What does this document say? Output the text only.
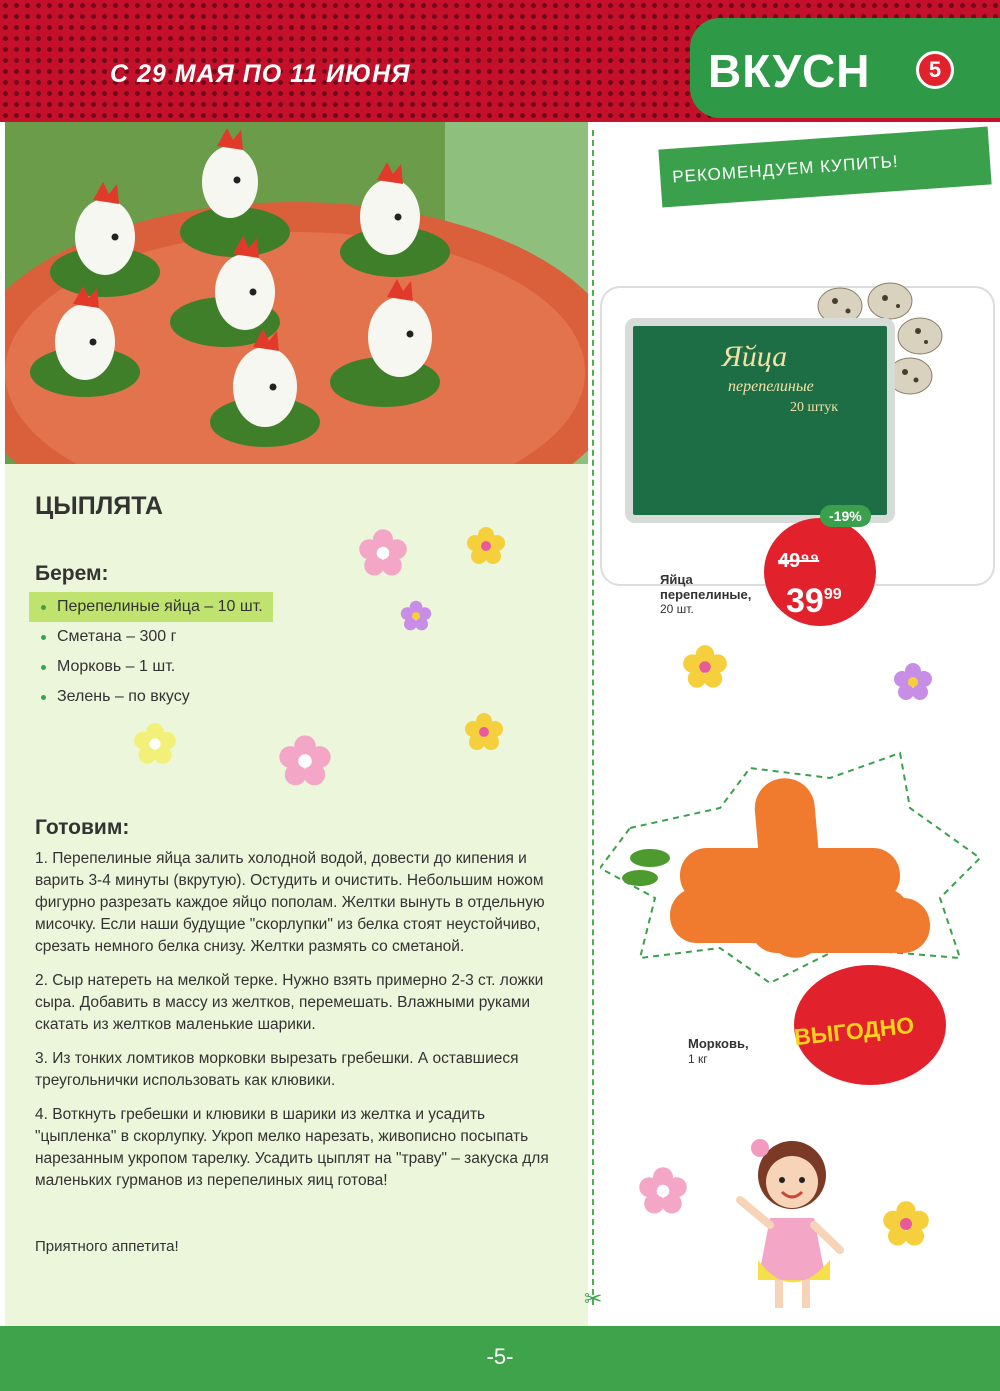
С 29 МАЯ ПО 11 ИЮНЯ	ВКУСН	5
ЦЫПЛЯТА
Берем:
Перепелиные яйца – 10 шт.
Сметана – 300 г
Морковь – 1 шт.
Зелень – по вкусу
Готовим:

1. Перепелиные яйца залить холодной водой, довести до кипения и варить 3-4 минуты (вкрутую). Остудить и очистить. Небольшим ножом фигурно разрезать каждое яйцо пополам. Желтки вынуть в отдельную мисочку. Если наши будущие "скорлупки" из белка стоят неустойчиво, срезать немного белка снизу. Желтки размять со сметаной.

2. Сыр натереть на мелкой терке. Нужно взять примерно 2-3 ст. ложки сыра. Добавить в массу из желтков, перемешать. Влажными руками скатать из желтков маленькие шарики.

3. Из тонких ломтиков морковки вырезать гребешки. А оставшиеся треугольнички использовать как клювики.

4. Воткнуть гребешки и клювики в шарики из желтка и усадить "цыпленка" в скорлупку. Укроп мелко нарезать, живописно посыпать нарезанным укропом тарелку. Усадить цыплят на "траву" – закуска для маленьких гурманов из перепелиных яиц готова!

Приятного аппетита!
✂
РЕКОМЕНДУЕМ КУПИТЬ!
Яйца
перепелиные
20 штук
-19%
49⁹⁹
$39^{99}$
Яйца
перепелиные,
20 шт.
ВЫГОДНО
Морковь,
1 кг
-5-
